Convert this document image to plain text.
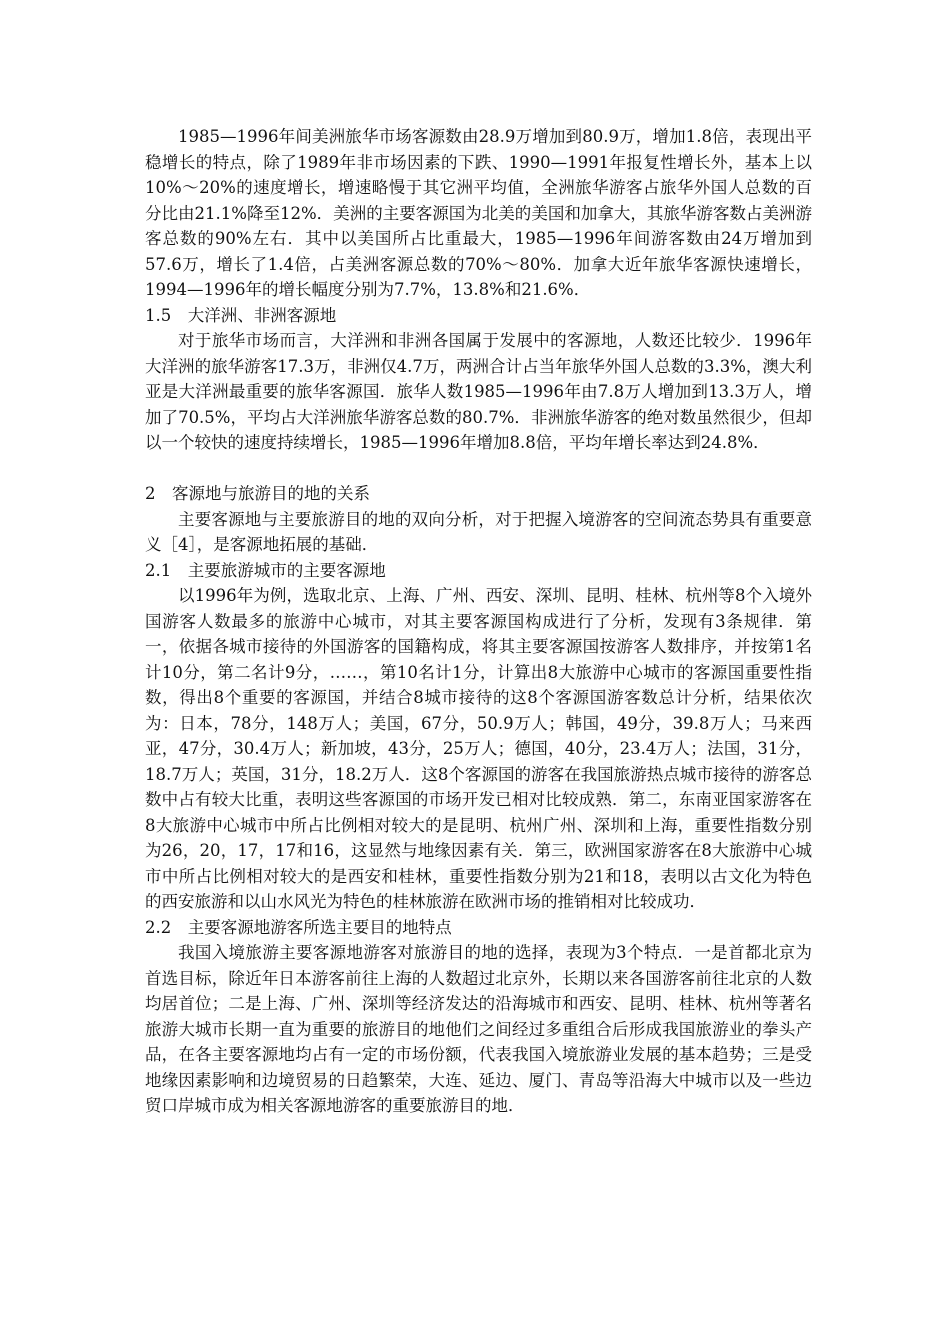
1985—1996年间美洲旅华市场客源数由28.9万增加到80.9万，增加1.8倍，表现出平稳增长的特点，除了1989年非市场因素的下跌、1990—1991年报复性增长外，基本上以10%～20%的速度增长，增速略慢于其它洲平均值，全洲旅华游客占旅华外国人总数的百分比由21.1%降至12%．美洲的主要客源国为北美的美国和加拿大，其旅华游客数占美洲游客总数的90%左右．其中以美国所占比重最大，1985—1996年间游客数由24万增加到57.6万，增长了1.4倍，占美洲客源总数的70%～80%．加拿大近年旅华客源快速增长，1994—1996年的增长幅度分别为7.7%，13.8%和21.6%．

1.5　大洋洲、非洲客源地

对于旅华市场而言，大洋洲和非洲各国属于发展中的客源地，人数还比较少．1996年大洋洲的旅华游客17.3万，非洲仅4.7万，两洲合计占当年旅华外国人总数的3.3%，澳大利亚是大洋洲最重要的旅华客源国．旅华人数1985—1996年由7.8万人增加到13.3万人，增加了70.5%，平均占大洋洲旅华游客总数的80.7%．非洲旅华游客的绝对数虽然很少，但却以一个较快的速度持续增长，1985—1996年增加8.8倍，平均年增长率达到24.8%．

2　客源地与旅游目的地的关系

主要客源地与主要旅游目的地的双向分析，对于把握入境游客的空间流态势具有重要意义［4］，是客源地拓展的基础．

2.1　主要旅游城市的主要客源地

以1996年为例，选取北京、上海、广州、西安、深圳、昆明、桂林、杭州等8个入境外国游客人数最多的旅游中心城市，对其主要客源国构成进行了分析，发现有3条规律．第一，依据各城市接待的外国游客的国籍构成，将其主要客源国按游客人数排序，并按第1名计10分，第二名计9分，……，第10名计1分，计算出8大旅游中心城市的客源国重要性指数，得出8个重要的客源国，并结合8城市接待的这8个客源国游客数总计分析，结果依次为：日本，78分，148万人；美国，67分，50.9万人；韩国，49分，39.8万人；马来西亚，47分，30.4万人；新加坡，43分，25万人；德国，40分，23.4万人；法国，31分，18.7万人；英国，31分，18.2万人．这8个客源国的游客在我国旅游热点城市接待的游客总数中占有较大比重，表明这些客源国的市场开发已相对比较成熟．第二，东南亚国家游客在8大旅游中心城市中所占比例相对较大的是昆明、杭州广州、深圳和上海，重要性指数分别为26，20，17，17和16，这显然与地缘因素有关．第三，欧洲国家游客在8大旅游中心城市中所占比例相对较大的是西安和桂林，重要性指数分别为21和18，表明以古文化为特色的西安旅游和以山水风光为特色的桂林旅游在欧洲市场的推销相对比较成功．

2.2　主要客源地游客所选主要目的地特点

我国入境旅游主要客源地游客对旅游目的地的选择，表现为3个特点．一是首都北京为首选目标，除近年日本游客前往上海的人数超过北京外，长期以来各国游客前往北京的人数均居首位；二是上海、广州、深圳等经济发达的沿海城市和西安、昆明、桂林、杭州等著名旅游大城市长期一直为重要的旅游目的地他们之间经过多重组合后形成我国旅游业的拳头产品，在各主要客源地均占有一定的市场份额，代表我国入境旅游业发展的基本趋势；三是受地缘因素影响和边境贸易的日趋繁荣，大连、延边、厦门、青岛等沿海大中城市以及一些边贸口岸城市成为相关客源地游客的重要旅游目的地．
